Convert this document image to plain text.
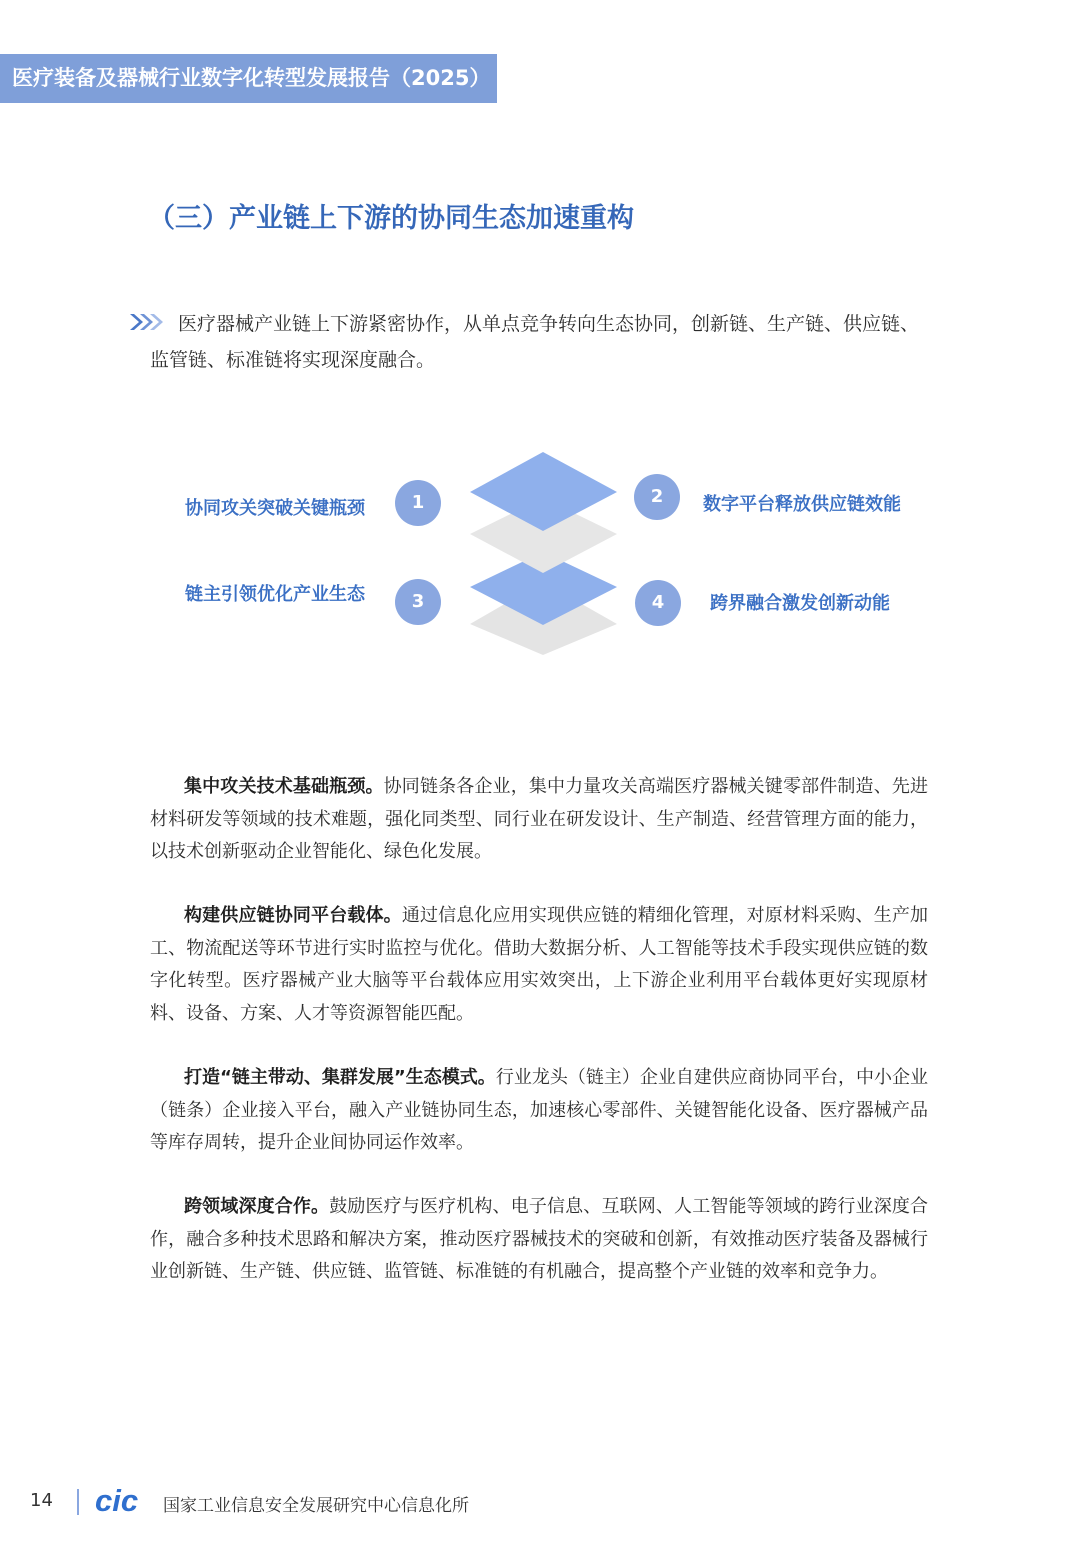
医疗装备及器械行业数字化转型发展报告（2025）
（三）产业链上下游的协同生态加速重构
医疗器械产业链上下游紧密协作，从单点竞争转向生态协同，创新链、生产链、供应链、监管链、标准链将实现深度融合。
协同攻关突破关键瓶颈	1	2	数字平台释放供应链效能
链主引领优化产业生态	3	4	跨界融合激发创新动能
集中攻关技术基础瓶颈。协同链条各企业，集中力量攻关高端医疗器械关键零部件制造、先进材料研发等领域的技术难题，强化同类型、同行业在研发设计、生产制造、经营管理方面的能力，以技术创新驱动企业智能化、绿色化发展。
构建供应链协同平台载体。通过信息化应用实现供应链的精细化管理，对原材料采购、生产加工、物流配送等环节进行实时监控与优化。借助大数据分析、人工智能等技术手段实现供应链的数字化转型。医疗器械产业大脑等平台载体应用实效突出，上下游企业利用平台载体更好实现原材料、设备、方案、人才等资源智能匹配。
打造“链主带动、集群发展”生态模式。行业龙头（链主）企业自建供应商协同平台，中小企业（链条）企业接入平台，融入产业链协同生态，加速核心零部件、关键智能化设备、医疗器械产品等库存周转，提升企业间协同运作效率。
跨领域深度合作。鼓励医疗与医疗机构、电子信息、互联网、人工智能等领域的跨行业深度合作，融合多种技术思路和解决方案，推动医疗器械技术的突破和创新，有效推动医疗装备及器械行业创新链、生产链、供应链、监管链、标准链的有机融合，提高整个产业链的效率和竞争力。
14 cic 国家工业信息安全发展研究中心信息化所
